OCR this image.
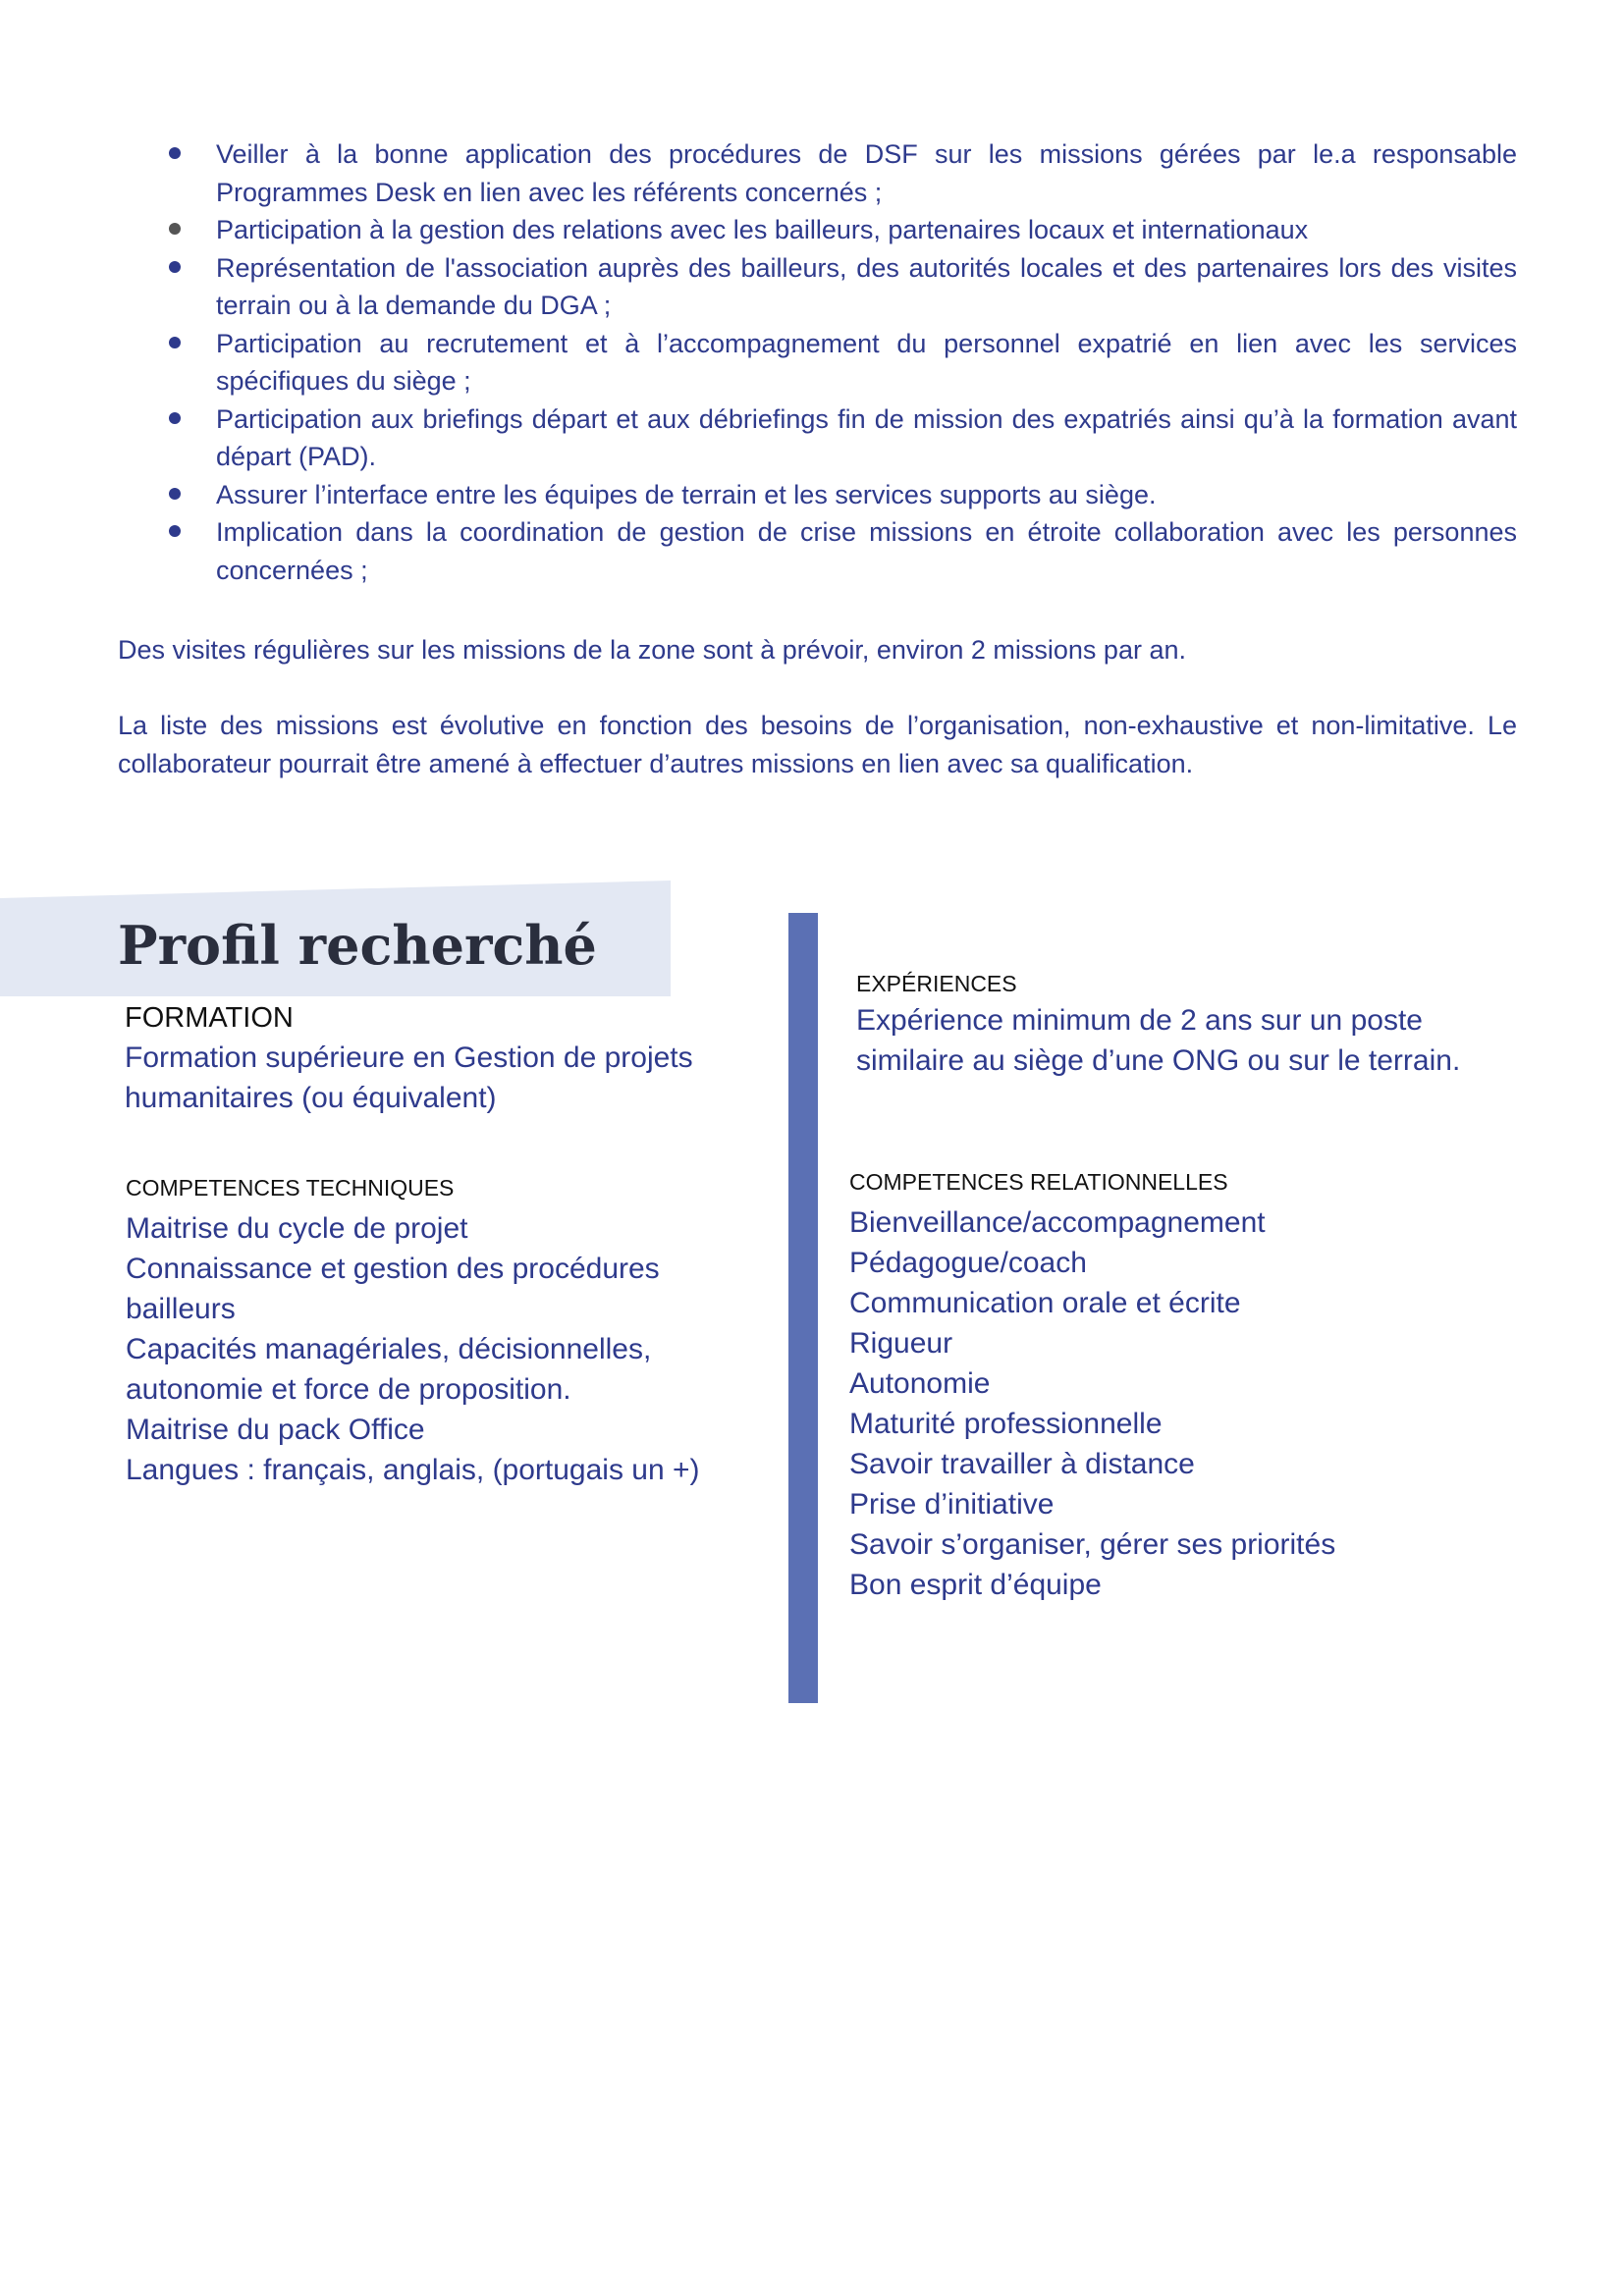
Veiller à la bonne application des procédures de DSF sur les missions gérées par le.a responsable Programmes Desk en lien avec les référents concernés ;
Participation à la gestion des relations avec les bailleurs, partenaires locaux et internationaux
Représentation de l'association auprès des bailleurs, des autorités locales et des partenaires lors des visites terrain ou à la demande du DGA ;
Participation au recrutement et à l’accompagnement du personnel expatrié en lien avec les services spécifiques du siège ;
Participation aux briefings départ et aux débriefings fin de mission des expatriés ainsi qu’à la formation avant départ (PAD).
Assurer l’interface entre les équipes de terrain et les services supports au siège.
Implication dans la coordination de gestion de crise missions en étroite collaboration avec les personnes concernées ;

Des visites régulières sur les missions de la zone sont à prévoir, environ 2 missions par an.

La liste des missions est évolutive en fonction des besoins de l’organisation, non-exhaustive et non-limitative. Le collaborateur pourrait être amené à effectuer d’autres missions en lien avec sa qualification.

Profil recherché
FORMATION
Formation supérieure en Gestion de projets
humanitaires (ou équivalent)
EXPÉRIENCES
Expérience minimum de 2 ans sur un poste
similaire au siège d’une ONG ou sur le terrain.
COMPETENCES TECHNIQUES
Maitrise du cycle de projet
Connaissance et gestion des procédures
bailleurs
Capacités managériales, décisionnelles,
autonomie et force de proposition.
Maitrise du pack Office
Langues : français, anglais, (portugais un +)
COMPETENCES RELATIONNELLES
Bienveillance/accompagnement
Pédagogue/coach
Communication orale et écrite
Rigueur
Autonomie
Maturité professionnelle
Savoir travailler à distance
Prise d’initiative
Savoir s’organiser, gérer ses priorités
Bon esprit d’équipe
